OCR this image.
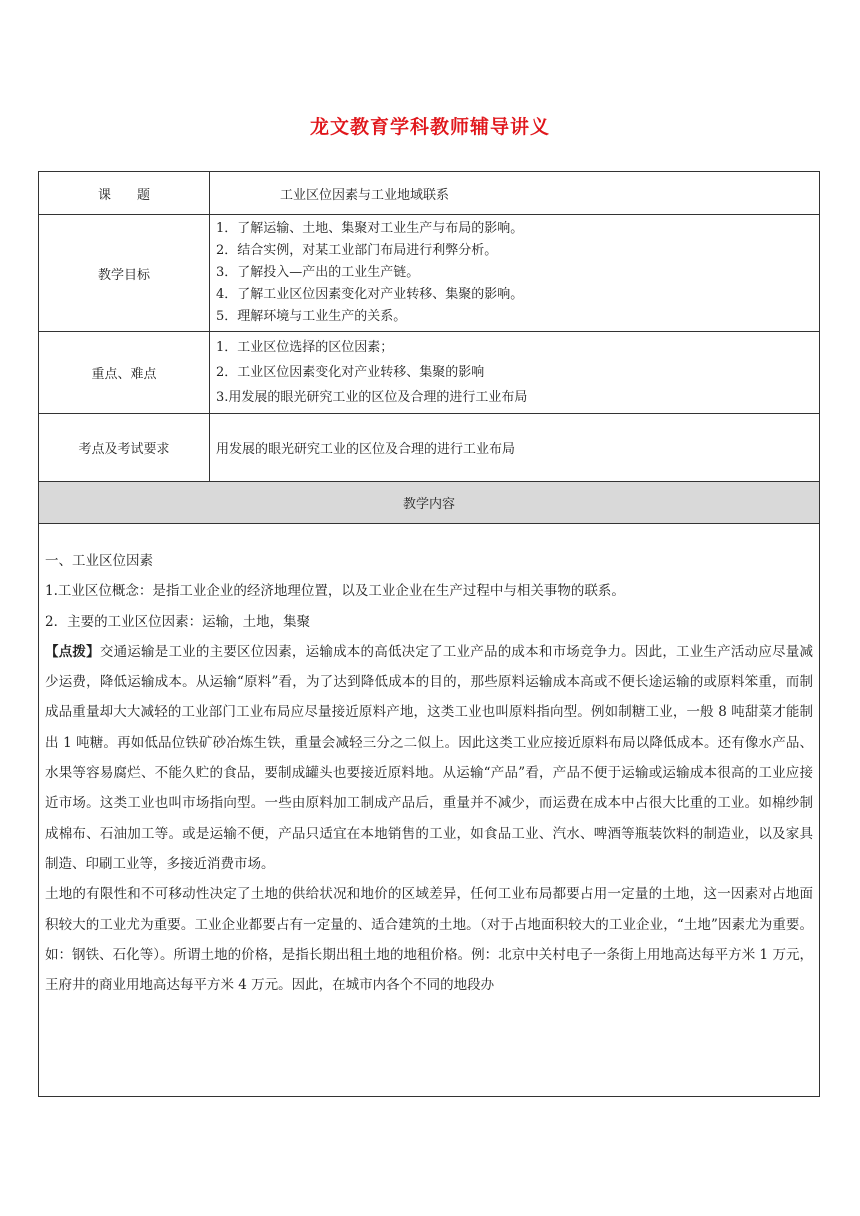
龙文教育学科教师辅导讲义
课　　题	工业区位因素与工业地域联系
教学目标	1．了解运输、土地、集聚对工业生产与布局的影响。
2．结合实例，对某工业部门布局进行利弊分析。
3．了解投入—产出的工业生产链。
4．了解工业区位因素变化对产业转移、集聚的影响。
5．理解环境与工业生产的关系。

重点、难点	1．工业区位选择的区位因素；
2．工业区位因素变化对产业转移、集聚的影响
3.用发展的眼光研究工业的区位及合理的进行工业布局

考点及考试要求	用发展的眼光研究工业的区位及合理的进行工业布局
教学内容	

一、工业区位因素

1.工业区位概念：是指工业企业的经济地理位置，以及工业企业在生产过程中与相关事物的联系。

2．主要的工业区位因素：运输，土地，集聚

【点拨】交通运输是工业的主要区位因素，运输成本的高低决定了工业产品的成本和市场竞争力。因此，工业生产活动应尽量减少运费，降低运输成本。从运输“原料”看，为了达到降低成本的目的，那些原料运输成本高或不便长途运输的或原料笨重，而制成品重量却大大减轻的工业部门工业布局应尽量接近原料产地，这类工业也叫原料指向型。例如制糖工业，一般 8 吨甜菜才能制出 1 吨糖。再如低品位铁矿砂冶炼生铁，重量会减轻三分之二似上。因此这类工业应接近原料布局以降低成本。还有像水产品、水果等容易腐烂、不能久贮的食品，要制成罐头也要接近原料地。从运输“产品”看，产品不便于运输或运输成本很高的工业应接近市场。这类工业也叫市场指向型。一些由原料加工制成产品后，重量并不减少，而运费在成本中占很大比重的工业。如棉纱制成棉布、石油加工等。或是运输不便，产品只适宜在本地销售的工业，如食品工业、汽水、啤酒等瓶装饮料的制造业，以及家具制造、印刷工业等，多接近消费市场。

土地的有限性和不可移动性决定了土地的供给状况和地价的区域差异，任何工业布局都要占用一定量的土地，这一因素对占地面积较大的工业尤为重要。工业企业都要占有一定量的、适合建筑的土地。（对于占地面积较大的工业企业，“土地”因素尤为重要。如：钢铁、石化等）。所谓土地的价格，是指长期出租土地的地租价格。例：北京中关村电子一条街上用地高达每平方米 1 万元，王府井的商业用地高达每平方米 4 万元。因此，在城市内各个不同的地段办	
